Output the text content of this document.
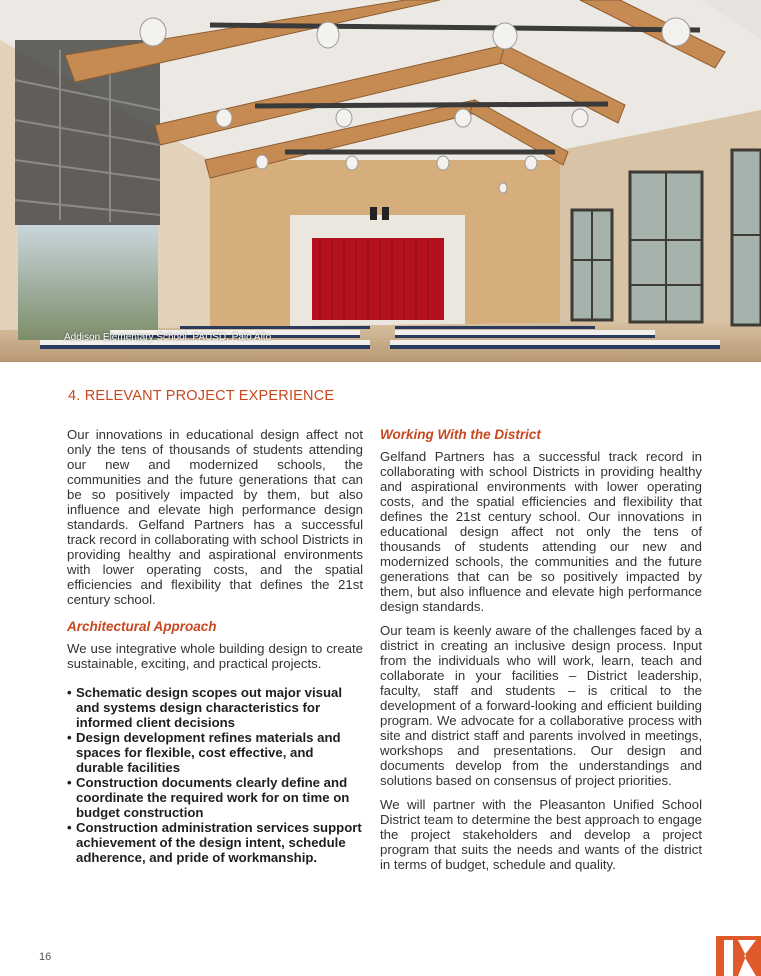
Addison Elementary School, PAUSD, Palo Alto
4. RELEVANT PROJECT EXPERIENCE

Our innovations in educational design affect not only the tens of thousands of students attending our new and modernized schools, the communities and the future generations that can be so positively impacted by them, but also influence and elevate high performance design standards. Gelfand Partners has a successful track record in collaborating with school Districts in providing healthy and aspirational environments with lower operating costs, and the spatial efficiencies and flexibility that defines the 21st century school.

Architectural Approach

We use integrative whole building design to create sustainable, exciting, and practical projects.

• Schematic design scopes out major visual and systems design characteristics for informed client decisions
• Design development refines materials and spaces for flexible, cost effective, and durable facilities
• Construction documents clearly define and coordinate the required work for on time on budget construction
• Construction administration services support achievement of the design intent, schedule adherence, and pride of workmanship.
Working With the District

Gelfand Partners has a successful track record in collaborating with school Districts in providing healthy and aspirational environments with lower operating costs, and the spatial efficiencies and flexibility that defines the 21st century school. Our innovations in educational design affect not only the tens of thousands of students attending our new and modernized schools, the communities and the future generations that can be so positively impacted by them, but also influence and elevate high performance design standards.

Our team is keenly aware of the challenges faced by a district in creating an inclusive design process. Input from the individuals who will work, learn, teach and collaborate in your facilities – District leadership, faculty, staff and students – is critical to the development of a forward-looking and efficient building program. We advocate for a collaborative process with site and district staff and parents involved in meetings, workshops and presentations. Our design and documents develop from the understandings and solutions based on consensus of project priorities.

We will partner with the Pleasanton Unified School District team to determine the best approach to engage the project stakeholders and develop a project program that suits the needs and wants of the district in terms of budget, schedule and quality.

16
